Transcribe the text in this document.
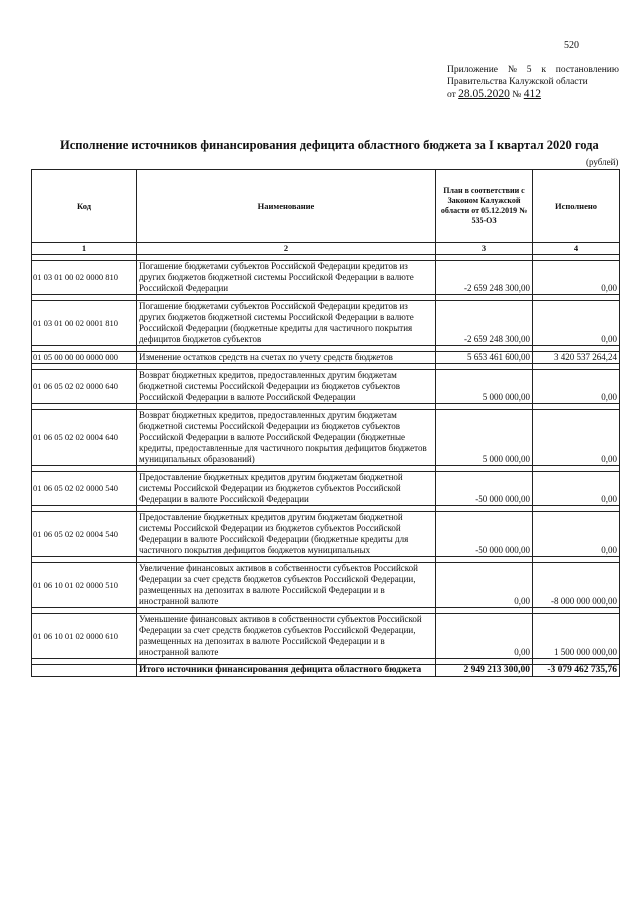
520
Приложение № 5 к постановлению
Правительства Калужской области
от 28.05.2020 № 412
Исполнение источников финансирования дефицита областного бюджета за I квартал 2020 года
(рублей)
Код	Наименование	План в соответствии с Законом Калужской области от 05.12.2019 № 535-ОЗ	Исполнено
1	2	3	4

01 03 01 00 02 0000 810	Погашение бюджетами субъектов Российской Федерации кредитов из других бюджетов бюджетной системы Российской Федерации в валюте Российской Федерации	-2 659 248 300,00	0,00

01 03 01 00 02 0001 810	Погашение бюджетами субъектов Российской Федерации кредитов из других бюджетов бюджетной системы Российской Федерации в валюте Российской Федерации (бюджетные кредиты для частичного покрытия дефицитов бюджетов субъектов	-2 659 248 300,00	0,00

01 05 00 00 00 0000 000	Изменение остатков средств на счетах по учету средств бюджетов	5 653 461 600,00	3 420 537 264,24

01 06 05 02 02 0000 640	Возврат бюджетных кредитов, предоставленных другим бюджетам бюджетной системы Российской Федерации из бюджетов субъектов Российской Федерации в валюте Российской Федерации	5 000 000,00	0,00

01 06 05 02 02 0004 640	Возврат бюджетных кредитов, предоставленных другим бюджетам бюджетной системы Российской Федерации из бюджетов субъектов Российской Федерации в валюте Российской Федерации (бюджетные кредиты, предоставленные для частичного покрытия дефицитов бюджетов муниципальных образований)	5 000 000,00	0,00

01 06 05 02 02 0000 540	Предоставление бюджетных кредитов другим бюджетам бюджетной системы Российской Федерации из бюджетов субъектов Российской Федерации в валюте Российской Федерации	-50 000 000,00	0,00

01 06 05 02 02 0004 540	Предоставление бюджетных кредитов другим бюджетам бюджетной системы Российской Федерации из бюджетов субъектов Российской Федерации в валюте Российской Федерации (бюджетные кредиты для частичного покрытия дефицитов бюджетов муниципальных	-50 000 000,00	0,00

01 06 10 01 02 0000 510	Увеличение финансовых активов в собственности субъектов Российской Федерации за счет средств бюджетов субъектов Российской Федерации, размещенных на депозитах в валюте Российской Федерации и в иностранной валюте	0,00	-8 000 000 000,00

01 06 10 01 02 0000 610	Уменьшение финансовых активов в собственности субъектов Российской Федерации за счет средств бюджетов субъектов Российской Федерации, размещенных на депозитах в валюте Российской Федерации и в иностранной валюте	0,00	1 500 000 000,00

	Итого источники финансирования дефицита областного бюджета	2 949 213 300,00	-3 079 462 735,76
